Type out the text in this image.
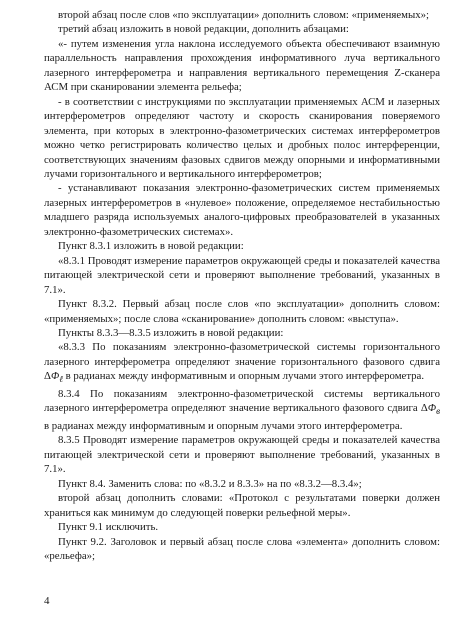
второй абзац после слов «по эксплуатации» дополнить словом: «применяемых»;

третий абзац изложить в новой редакции, дополнить абзацами:

«- путем изменения угла наклона исследуемого объекта обеспечивают взаимную параллельность направления прохождения информативного луча вертикального лазерного интерферометра и направления вертикального перемещения Z-сканера АСМ при сканировании элемента рельефа;

- в соответствии с инструкциями по эксплуатации применяемых АСМ и лазерных интерферометров определяют частоту и скорость сканирования поверяемого элемента, при которых в электронно-фазометрических системах интерферометров можно четко регистрировать количество целых и дробных полос интерференции, соответствующих значениям фазовых сдвигов между опорными и информативными лучами горизонтального и вертикального интерферометров;

- устанавливают показания электронно-фазометрических систем применяемых лазерных интерферометров в «нулевое» положение, определяемое нестабильностью младшего разряда используемых аналого-цифровых преобразователей в указанных электронно-фазометрических системах».

Пункт 8.3.1 изложить в новой редакции:

«8.3.1 Проводят измерение параметров окружающей среды и показателей качества питающей электрической сети и проверяют выполнение требований, указанных в 7.1».

Пункт 8.3.2. Первый абзац после слов «по эксплуатации» дополнить словом: «применяемых»; после слова «сканирование» дополнить словом: «выступа».

Пункты 8.3.3—8.3.5 изложить в новой редакции:

«8.3.3 По показаниям электронно-фазометрической системы горизонтального лазерного интерферометра определяют значение горизонтального фазового сдвига $\Delta\Phi_\ell$ в радианах между информативным и опорным лучами этого интерферометра.

8.3.4 По показаниям электронно-фазометрической системы вертикального лазерного интерферометра определяют значение вертикального фазового сдвига $\Delta\Phi_в$ в радианах между информативным и опорным лучами этого интерферометра.

8.3.5 Проводят измерение параметров окружающей среды и показателей качества питающей электрической сети и проверяют выполнение требований, указанных в 7.1».

Пункт 8.4. Заменить слова: по «8.3.2 и 8.3.3» на по «8.3.2—8.3.4»;

второй абзац дополнить словами: «Протокол с результатами поверки должен храниться как минимум до следующей поверки рельефной меры».

Пункт 9.1 исключить.

Пункт 9.2. Заголовок и первый абзац после слова «элемента» дополнить словом: «рельефа»;

4
